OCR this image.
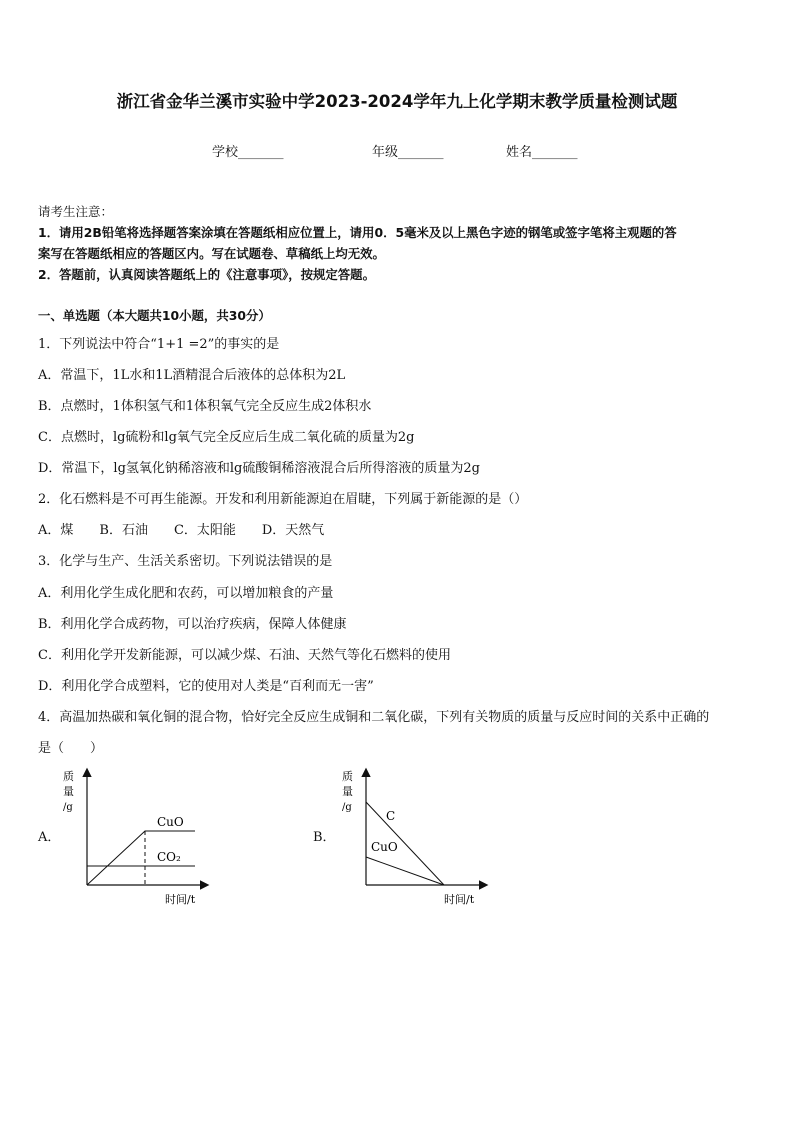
浙江省金华兰溪市实验中学2023-2024学年九上化学期末教学质量检测试题
学校_______	年级_______	姓名_______
请考生注意：
1．请用2B铅笔将选择题答案涂填在答题纸相应位置上，请用0．5毫米及以上黑色字迹的钢笔或签字笔将主观题的答
案写在答题纸相应的答题区内。写在试题卷、草稿纸上均无效。
2．答题前，认真阅读答题纸上的《注意事项》，按规定答题。
一、单选题（本大题共10小题，共30分）
1．下列说法中符合“1+1 =2”的事实的是
A．常温下，1L水和1L酒精混合后液体的总体积为2L
B．点燃时，1体积氢气和1体积氧气完全反应生成2体积水
C．点燃时，lg硫粉和lg氧气完全反应后生成二氧化硫的质量为2g
D．常温下，lg氢氧化钠稀溶液和lg硫酸铜稀溶液混合后所得溶液的质量为2g
2．化石燃料是不可再生能源。开发和利用新能源迫在眉睫，下列属于新能源的是（）
A．煤　　B．石油　　C．太阳能　　D．天然气
3．化学与生产、生活关系密切。下列说法错误的是
A．利用化学生成化肥和农药，可以增加粮食的产量
B．利用化学合成药物，可以治疗疾病，保障人体健康
C．利用化学开发新能源，可以减少煤、石油、天然气等化石燃料的使用
D．利用化学合成塑料，它的使用对人类是“百利而无一害”
4．高温加热碳和氧化铜的混合物，恰好完全反应生成铜和二氧化碳，下列有关物质的质量与反应时间的关系中正确的
是（　　）
A．
质
量
/g
CuO
CO₂
时间/t
B．
质
量
/g
C
CuO
时间/t
